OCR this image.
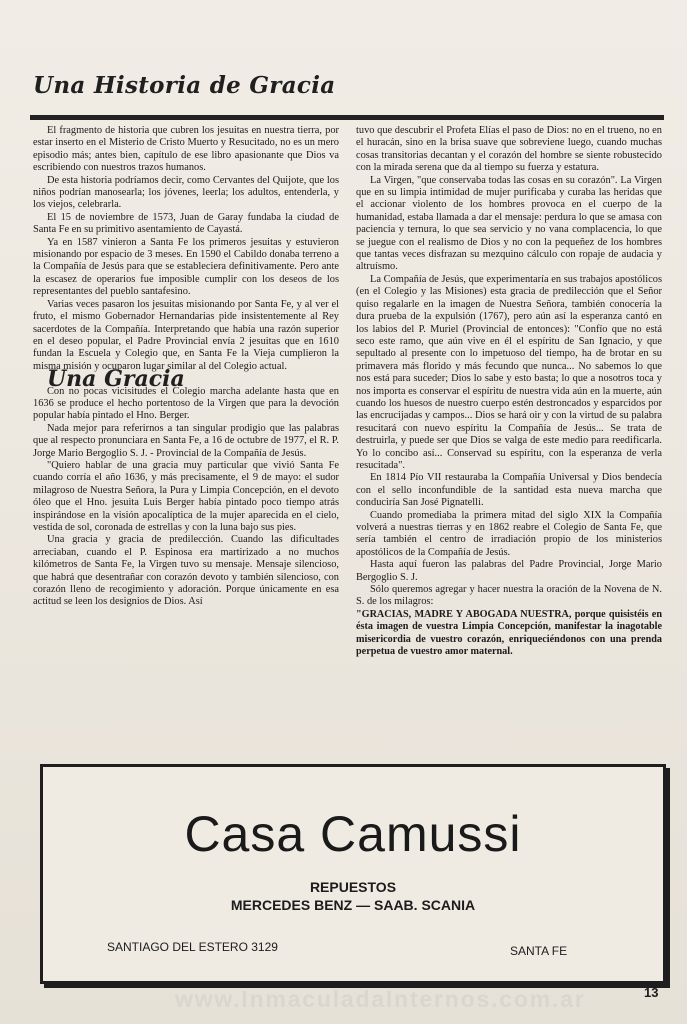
Una Historia de Gracia

El fragmento de historia que cubren los jesuitas en nuestra tierra, por estar inserto en el Misterio de Cristo Muerto y Resucitado, no es un mero episodio más; antes bien, capítulo de ese libro apasionante que Dios va escribiendo con nuestros trazos humanos.

De esta historia podríamos decir, como Cervantes del Quijote, que los niños podrían manosearla; los jóvenes, leerla; los adultos, entenderla, y los viejos, celebrarla.

El 15 de noviembre de 1573, Juan de Garay fundaba la ciudad de Santa Fe en su primitivo asentamiento de Cayastá.

Ya en 1587 vinieron a Santa Fe los primeros jesuitas y estuvieron misionando por espacio de 3 meses. En 1590 el Cabildo donaba terreno a la Compañía de Jesús para que se estableciera definitivamente. Pero ante la escasez de operarios fue imposible cumplir con los deseos de los representantes del pueblo santafesino.

Varias veces pasaron los jesuitas misionando por Santa Fe, y al ver el fruto, el mismo Gobernador Hernandarias pide insistentemente al Rey sacerdotes de la Compañía. Interpretando que había una razón superior en el deseo popular, el Padre Provincial envía 2 jesuitas que en 1610 fundan la Escuela y Colegio que, en Santa Fe la Vieja cumplieron la misma misión y ocuparon lugar similar al del Colegio actual.

Una Gracia

Con no pocas vicisitudes el Colegio marcha adelante hasta que en 1636 se produce el hecho portentoso de la Virgen que para la devoción popular había pintado el Hno. Berger.

Nada mejor para referirnos a tan singular prodigio que las palabras que al respecto pronunciara en Santa Fe, a 16 de octubre de 1977, el R. P. Jorge Mario Bergoglio S. J. - Provincial de la Compañía de Jesús.

"Quiero hablar de una gracia muy particular que vivió Santa Fe cuando corría el año 1636, y más precisamente, el 9 de mayo: el sudor milagroso de Nuestra Señora, la Pura y Limpia Concepción, en el devoto óleo que el Hno. jesuita Luis Berger había pintado poco tiempo atrás inspirándose en la visión apocalíptica de la mujer aparecida en el cielo, vestida de sol, coronada de estrellas y con la luna bajo sus pies.

Una gracia y gracia de predilección. Cuando las dificultades arreciaban, cuando el P. Espinosa era martirizado a no muchos kilómetros de Santa Fe, la Virgen tuvo su mensaje. Mensaje silencioso, que habrá que desentrañar con corazón devoto y también silencioso, con corazón lleno de recogimiento y adoración. Porque únicamente en esa actitud se leen los designios de Dios. Así

tuvo que descubrir el Profeta Elías el paso de Dios: no en el trueno, no en el huracán, sino en la brisa suave que sobreviene luego, cuando muchas cosas transitorias decantan y el corazón del hombre se siente robustecido con la mirada serena que da al tiempo su fuerza y estatura.

La Virgen, "que conservaba todas las cosas en su corazón". La Virgen que en su limpia intimidad de mujer purificaba y curaba las heridas que el accionar violento de los hombres provoca en el cuerpo de la humanidad, estaba llamada a dar el mensaje: perdura lo que se amasa con paciencia y ternura, lo que sea servicio y no vana complacencia, lo que se juegue con el realismo de Dios y no con la pequeñez de los hombres que tantas veces disfrazan su mezquino cálculo con ropaje de audacia y altruísmo.

La Compañía de Jesús, que experimentaría en sus trabajos apostólicos (en el Colegio y las Misiones) esta gracia de predilección que el Señor quiso regalarle en la imagen de Nuestra Señora, también conocería la dura prueba de la expulsión (1767), pero aún así la esperanza cantó en los labios del P. Muriel (Provincial de entonces): "Confío que no está seco este ramo, que aún vive en él el espíritu de San Ignacio, y que sepultado al presente con lo impetuoso del tiempo, ha de brotar en su primavera más florido y más fecundo que nunca... No sabemos lo que nos está para suceder; Dios lo sabe y esto basta; lo que a nosotros toca y nos importa es conservar el espíritu de nuestra vida aún en la muerte, aún cuando los huesos de nuestro cuerpo estén destroncados y esparcidos por las encrucijadas y campos... Dios se hará oir y con la virtud de su palabra resucitará con nuevo espíritu la Compañía de Jesús... Se trata de destruirla, y puede ser que Dios se valga de este medio para reedificarla. Yo lo concibo así... Conservad su espíritu, con la esperanza de verla resucitada".

En 1814 Pío VII restauraba la Compañía Universal y Dios bendecía con el sello inconfundible de la santidad esta nueva marcha que conduciría San José Pignatelli.

Cuando promediaba la primera mitad del siglo XIX la Compañía volverá a nuestras tierras y en 1862 reabre el Colegio de Santa Fe, que sería también el centro de irradiación propio de los ministerios apostólicos de la Compañía de Jesús.

Hasta aquí fueron las palabras del Padre Provincial, Jorge Mario Bergoglio S. J.

Sólo queremos agregar y hacer nuestra la oración de la Novena de N. S. de los milagros:

"GRACIAS, MADRE Y ABOGADA NUESTRA, porque quisistéis en ésta imagen de vuestra Limpia Concepción, manifestar la inagotable misericordia de vuestro corazón, enriqueciéndonos con una prenda perpetua de vuestro amor maternal.

Casa Camussi
REPUESTOS
MERCEDES BENZ — SAAB. SCANIA
SANTIAGO DEL ESTERO 3129	SANTA FE
www.InmaculadaInternos.com.ar	13
